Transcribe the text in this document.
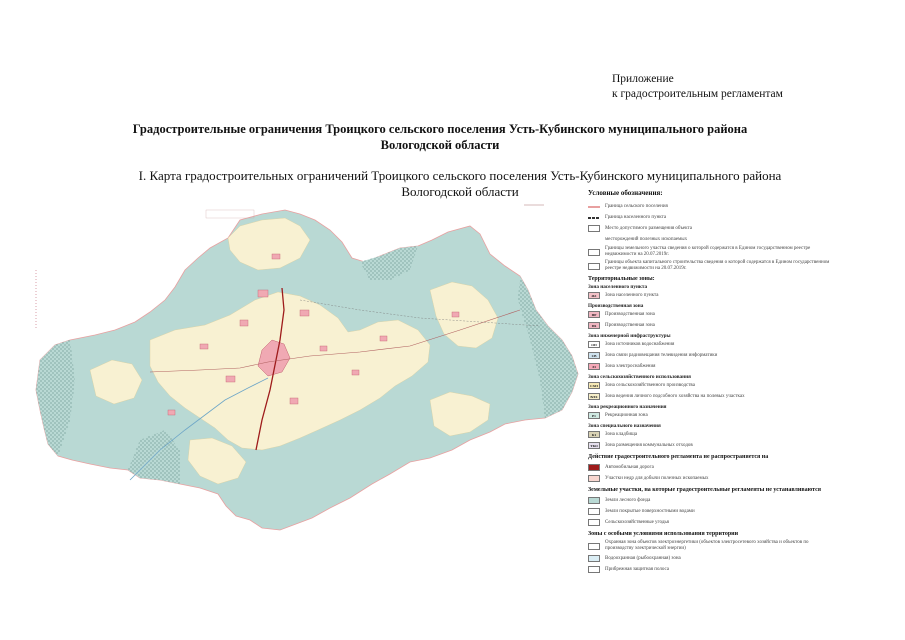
Приложение
к градостроительным регламентам
Градостроительные ограничения Троицкого сельского поселения Усть-Кубинского муниципального района
Вологодской области
I. Карта градостроительных ограничений Троицкого сельского поселения Усть-Кубинского муниципального района
Вологодской области	Условные обозначения:
Граница сельского поселения
Граница населенного пункта
Место допустимого размещения объекта
месторождений полезных ископаемых
Границы земельного участка сведения о которой содержатся в Едином государственном реестре недвижимости на 20.07.2019г.
Границы объекта капитального строительства сведения о которой содержатся в Едином государственном реестре недвижимости на 20.07.2019г.
Территориальные зоны:
Зона населенного пункта
Ж1 Зона населенного пункта
Производственная зона
ПР Производственная зона
П6 Производственная зона
Зона инженерной инфраструктуры
ОП Зона источников водоснабжения
СВ Зона связи радиовещания телевидения информатики
Э1 Зона электроснабжения
Зона сельскохозяйственного использования
СХП Зона сельскохозяйственного производства
ВЛХ Зона ведения личного подсобного хозяйства на полевых участках
Зона рекреационного назначения
Р1 Рекреационная зона
Зона специального назначения
К1 Зона кладбища
ТКО Зона размещения коммунальных отходов
Действие градостроительного регламента не распространяется на
Автомобильная дорога
Участки недр для добычи полезных ископаемых
Земельные участки, на которые градостроительные регламенты не устанавливаются
Земли лесного фонда
Земли покрытые поверхностными водами
Сельскохозяйственные угодья
Зоны с особыми условиями использования территории
Охранная зона объектов электроэнергетики (объектов электросетевого хозяйства и объектов по производству электрической энергии)
Водоохранная (рыбоохранная) зона
Прибрежная защитная полоса
